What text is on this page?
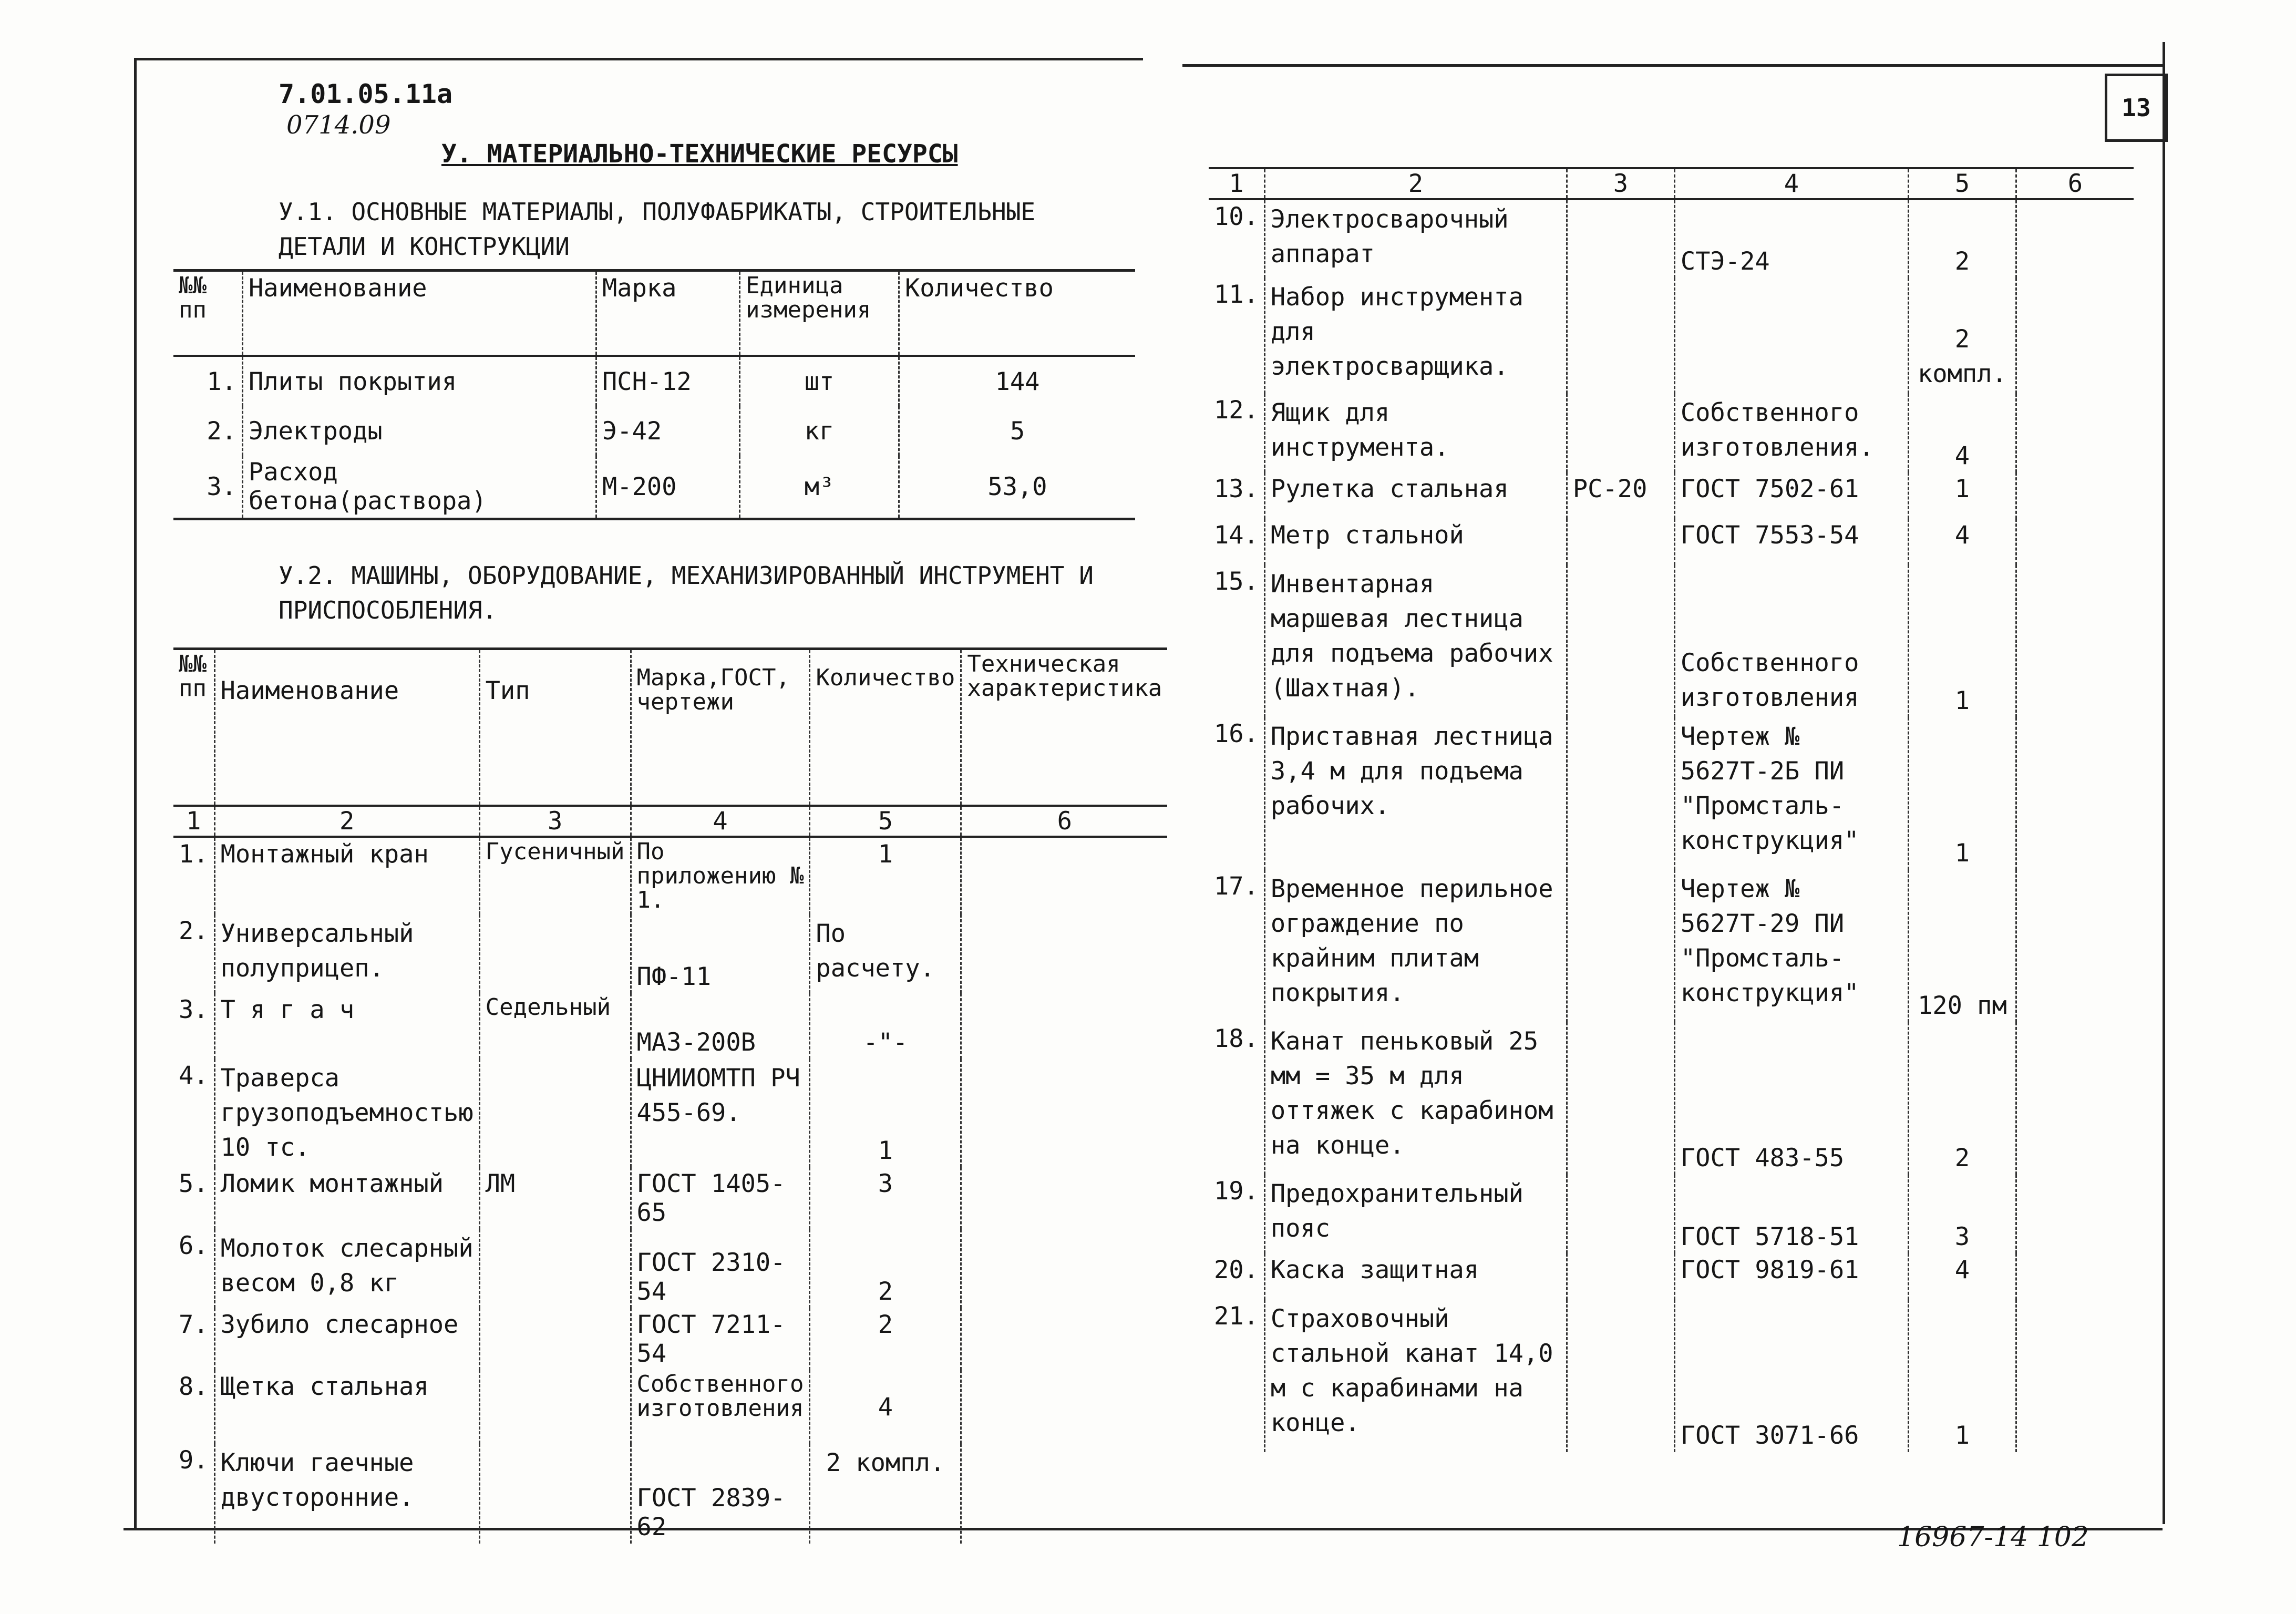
13
7.01.05.11а
0714.09
У. МАТЕРИАЛЬНО-ТЕХНИЧЕСКИЕ РЕСУРСЫ
У.1. ОСНОВНЫЕ МАТЕРИАЛЫ, ПОЛУФАБРИКАТЫ, СТРОИТЕЛЬНЫЕ ДЕТАЛИ И КОНСТРУКЦИИ
№№ пп	Наименование	Марка	Единица измерения	Количество
1.	Плиты покрытия	ПСН-12	шт	144
2.	Электроды	Э-42	кг	5
3.	Расход бетона(раствора)	М-200	м³	53,0
У.2. МАШИНЫ, ОБОРУДОВАНИЕ, МЕХАНИЗИРОВАННЫЙ ИНСТРУМЕНТ И ПРИСПОСОБЛЕНИЯ.
№№ пп	Наименование	Тип	Марка,ГОСТ, чертежи	Количество	Техническая характеристика
1	2	3	4	5	6
1.	Монтажный кран	Гусеничный	По приложению № 1.	1	
2.	Универсальный полуприцеп.		ПФ-11	По расчету.	
3.	Т я г а ч	Седельный	МАЗ-200В	-"-	
4.	Траверса грузоподъемностью 10 тс.		ЦНИИОМТП РЧ 455-69.	1	
5.	Ломик монтажный	ЛМ	ГОСТ 1405-65	3	
6.	Молоток слесарный весом 0,8 кг		ГОСТ 2310-54	2	
7.	Зубило слесарное		ГОСТ 7211-54	2	
8.	Щетка стальная		Собственного изготовления	4	
9.	Ключи гаечные двусторонние.		ГОСТ 2839-62	2 компл.	
1	2	3	4	5	6
10.	Электросварочный аппарат		СТЭ-24	2	
11.	Набор инструмента для электросварщика.			2 компл.	
12.	Ящик для инструмента.		Собственного изготовления.	4	
13.	Рулетка стальная	РС-20	ГОСТ 7502-61	1	
14.	Метр стальной		ГОСТ 7553-54	4	
15.	Инвентарная маршевая лестница для подъема рабочих (Шахтная).		Собственного изготовления	1	
16.	Приставная лестница 3,4 м для подъема рабочих.		Чертеж № 5627Т-2Б ПИ "Промсталь-конструкция"	1	
17.	Временное перильное ограждение по крайним плитам покрытия.		Чертеж № 5627Т-29 ПИ "Промсталь-конструкция"	120 пм	
18.	Канат пеньковый 25 мм = 35 м для оттяжек с карабином на конце.		ГОСТ 483-55	2	
19.	Предохранительный пояс		ГОСТ 5718-51	3	
20.	Каска защитная		ГОСТ 9819-61	4	
21.	Страховочный стальной канат 14,0 м с карабинами на конце.		ГОСТ 3071-66	1	
16967-14 102
